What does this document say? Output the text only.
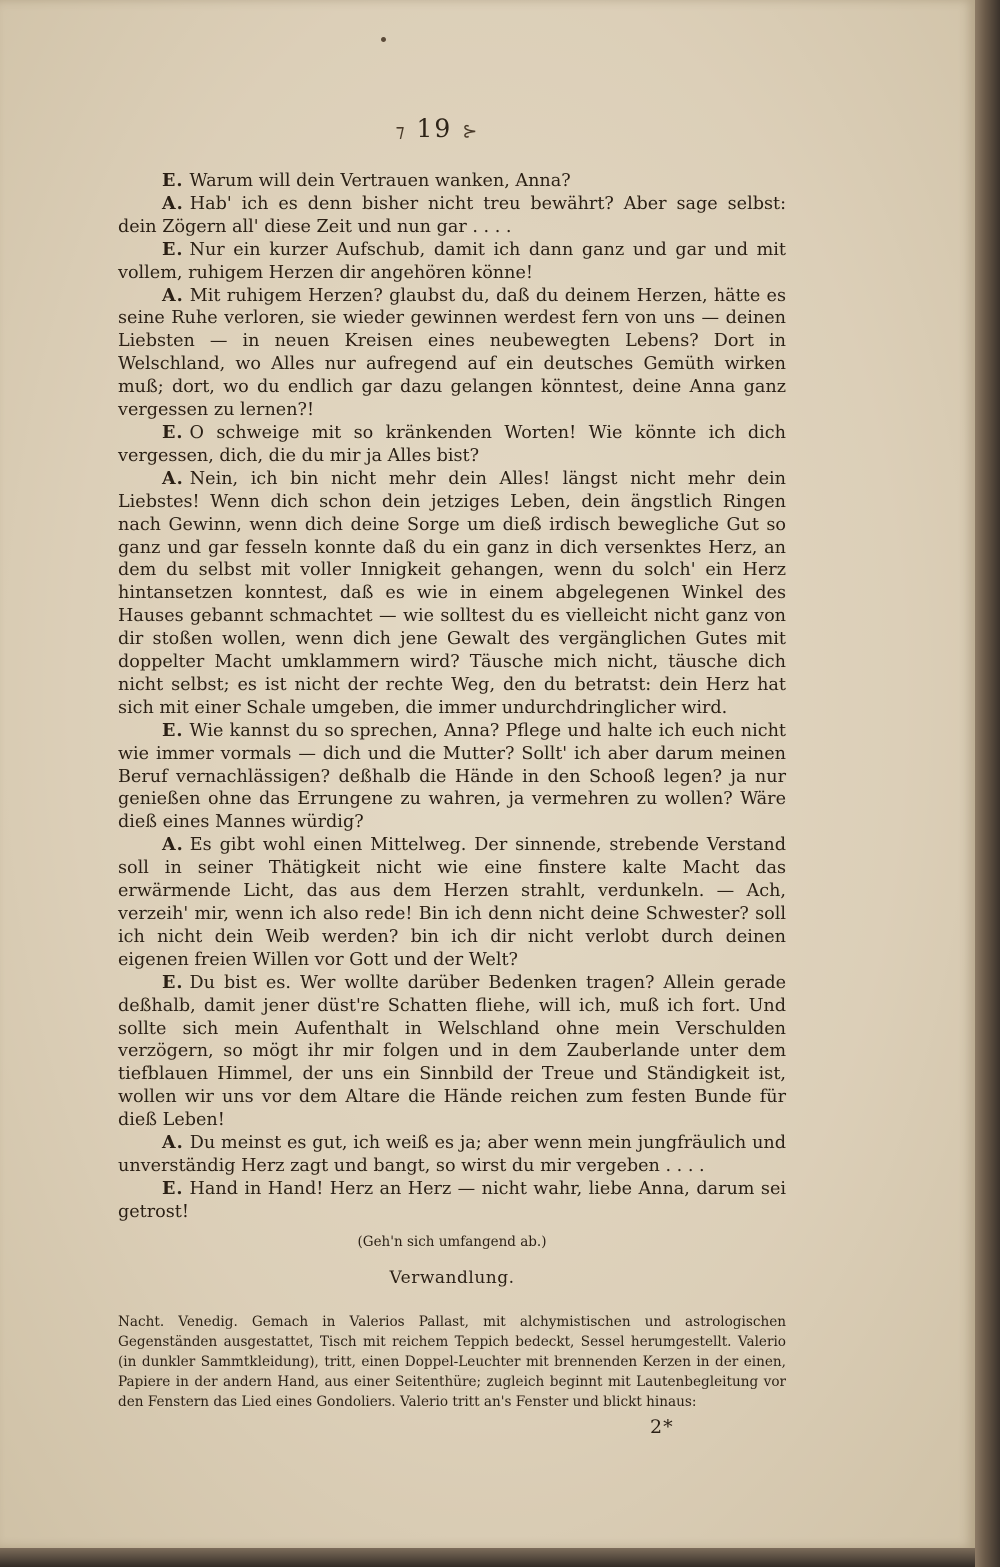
⁊ 19 ⊱

E. Warum will dein Vertrauen wanken, Anna?

A. Hab' ich es denn bisher nicht treu bewährt? Aber sage selbst: dein Zögern all' diese Zeit und nun gar . . . .

E. Nur ein kurzer Aufschub, damit ich dann ganz und gar und mit vollem, ruhigem Herzen dir angehören könne!

A. Mit ruhigem Herzen? glaubst du, daß du deinem Herzen, hätte es seine Ruhe verloren, sie wieder gewinnen werdest fern von uns — deinen Liebsten — in neuen Kreisen eines neubewegten Lebens? Dort in Welschland, wo Alles nur aufregend auf ein deutsches Gemüth wirken muß; dort, wo du endlich gar dazu gelangen könntest, deine Anna ganz vergessen zu lernen?!

E. O schweige mit so kränkenden Worten! Wie könnte ich dich vergessen, dich, die du mir ja Alles bist?

A. Nein, ich bin nicht mehr dein Alles! längst nicht mehr dein Liebstes! Wenn dich schon dein jetziges Leben, dein ängstlich Ringen nach Gewinn, wenn dich deine Sorge um dieß irdisch bewegliche Gut so ganz und gar fesseln konnte daß du ein ganz in dich versenktes Herz, an dem du selbst mit voller Innigkeit gehangen, wenn du solch' ein Herz hintansetzen konntest, daß es wie in einem abgelegenen Winkel des Hauses gebannt schmachtet — wie solltest du es vielleicht nicht ganz von dir stoßen wollen, wenn dich jene Gewalt des vergänglichen Gutes mit doppelter Macht umklammern wird? Täusche mich nicht, täusche dich nicht selbst; es ist nicht der rechte Weg, den du betratst: dein Herz hat sich mit einer Schale umgeben, die immer undurchdringlicher wird.

E. Wie kannst du so sprechen, Anna? Pflege und halte ich euch nicht wie immer vormals — dich und die Mutter? Sollt' ich aber darum meinen Beruf vernachlässigen? deßhalb die Hände in den Schooß legen? ja nur genießen ohne das Errungene zu wahren, ja vermehren zu wollen? Wäre dieß eines Mannes würdig?

A. Es gibt wohl einen Mittelweg. Der sinnende, strebende Verstand soll in seiner Thätigkeit nicht wie eine finstere kalte Macht das erwärmende Licht, das aus dem Herzen strahlt, verdunkeln. — Ach, verzeih' mir, wenn ich also rede! Bin ich denn nicht deine Schwester? soll ich nicht dein Weib werden? bin ich dir nicht verlobt durch deinen eigenen freien Willen vor Gott und der Welt?

E. Du bist es. Wer wollte darüber Bedenken tragen? Allein gerade deßhalb, damit jener düst're Schatten fliehe, will ich, muß ich fort. Und sollte sich mein Aufenthalt in Welschland ohne mein Verschulden verzögern, so mögt ihr mir folgen und in dem Zauberlande unter dem tiefblauen Himmel, der uns ein Sinnbild der Treue und Ständigkeit ist, wollen wir uns vor dem Altare die Hände reichen zum festen Bunde für dieß Leben!

A. Du meinst es gut, ich weiß es ja; aber wenn mein jungfräulich und unverständig Herz zagt und bangt, so wirst du mir vergeben . . . .

E. Hand in Hand! Herz an Herz — nicht wahr, liebe Anna, darum sei getrost!

(Geh'n sich umfangend ab.)
Verwandlung.
Nacht. Venedig. Gemach in Valerios Pallast, mit alchymistischen und astrologischen Gegenständen ausgestattet, Tisch mit reichem Teppich bedeckt, Sessel herumgestellt. Valerio (in dunkler Sammtkleidung), tritt, einen Doppel-Leuchter mit brennenden Kerzen in der einen, Papiere in der andern Hand, aus einer Seitenthüre; zugleich beginnt mit Lautenbegleitung vor den Fenstern das Lied eines Gondoliers. Valerio tritt an's Fenster und blickt hinaus:
2*
